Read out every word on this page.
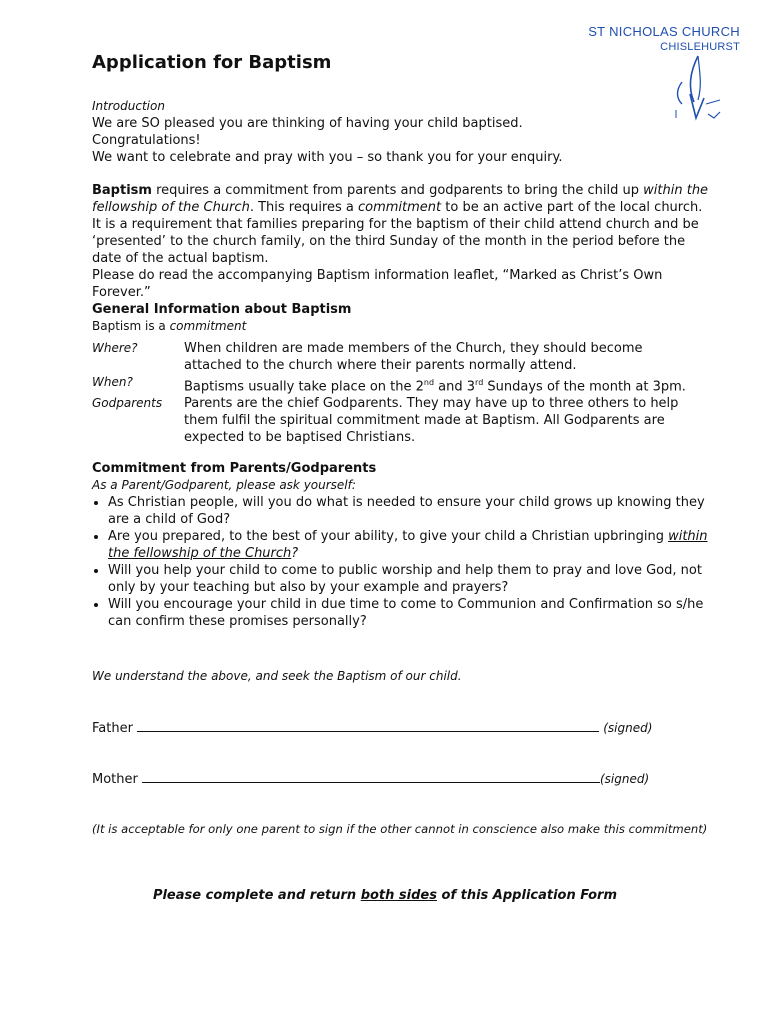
ST NICHOLAS CHURCH
CHISLEHURST
Application for Baptism
Introduction
We are SO pleased you are thinking of having your child baptised.
Congratulations!
We want to celebrate and pray with you – so thank you for your enquiry.
Baptism requires a commitment from parents and godparents to bring the child up within the fellowship of the Church. This requires a commitment to be an active part of the local church.
It is a requirement that families preparing for the baptism of their child attend church and be ‘presented’ to the church family, on the third Sunday of the month in the period before the date of the actual baptism.
Please do read the accompanying Baptism information leaflet, “Marked as Christ’s Own Forever.”
General Information about Baptism
Baptism is a commitment
Where?	When children are made members of the Church, they should become attached to the church where their parents normally attend.
When?	Baptisms usually take place on the 2nd and 3rd Sundays of the month at 3pm.
Godparents	Parents are the chief Godparents. They may have up to three others to help them fulfil the spiritual commitment made at Baptism. All Godparents are expected to be baptised Christians.
Commitment from Parents/Godparents
As a Parent/Godparent, please ask yourself:
• As Christian people, will you do what is needed to ensure your child grows up knowing they are a child of God?
• Are you prepared, to the best of your ability, to give your child a Christian upbringing within the fellowship of the Church?
• Will you help your child to come to public worship and help them to pray and love God, not only by your teaching but also by your example and prayers?
• Will you encourage your child in due time to come to Communion and Confirmation so s/he can confirm these promises personally?
We understand the above, and seek the Baptism of our child.
Father	(signed)
Mother	(signed)
(It is acceptable for only one parent to sign if the other cannot in conscience also make this commitment)
Please complete and return both sides of this Application Form
